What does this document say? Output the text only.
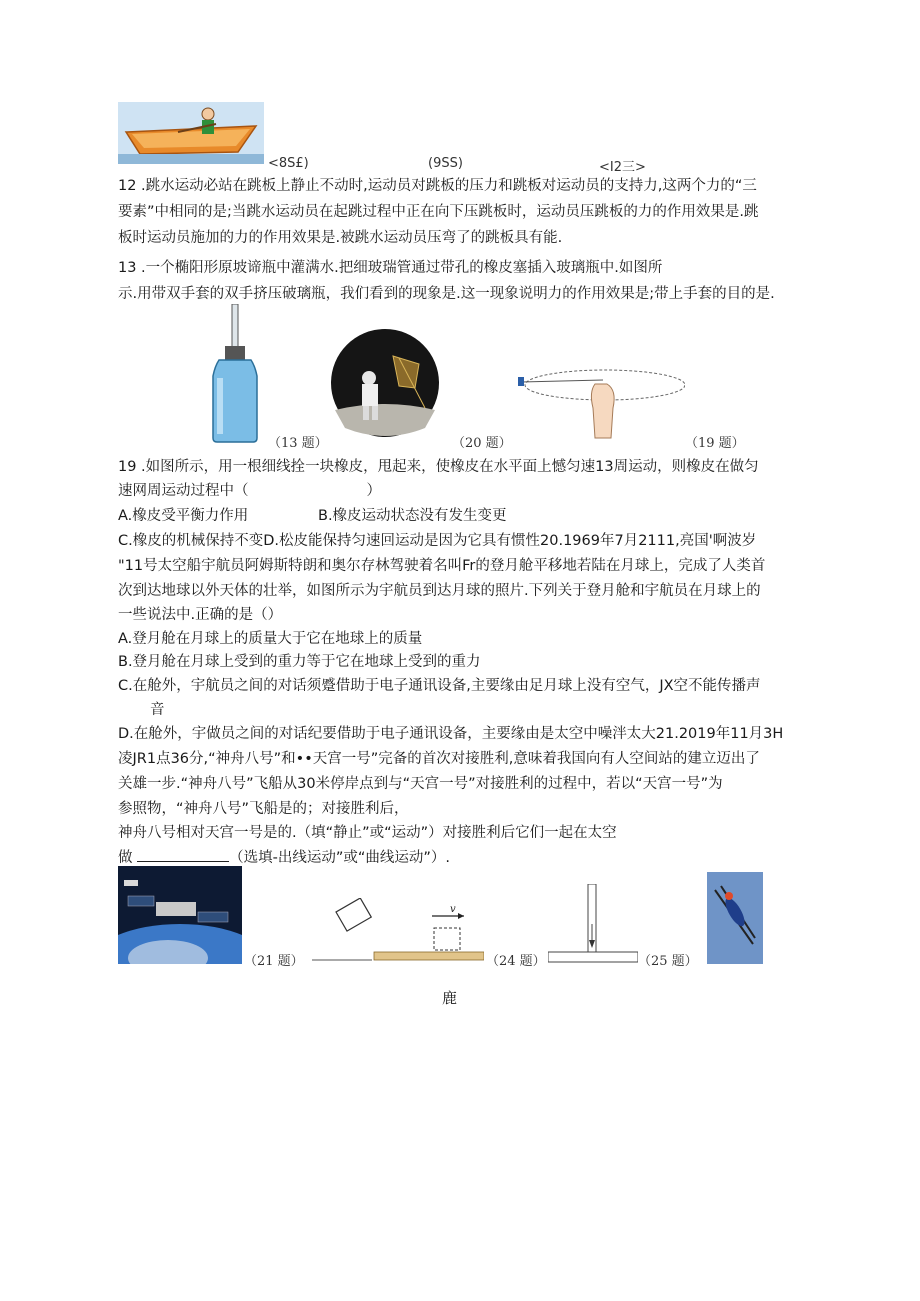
<8S£)	(9SS)	<I2三>
12 .跳水运动必站在跳板上静止不动时,运动员对跳板的压力和跳板对运动员的支持力,这两个力的“三
要素”中相同的是;当跳水运动员在起跳过程中正在向下压跳板时，运动员压跳板的力的作用效果是.跳
板时运动员施加的力的作用效果是.被跳水运动员压弯了的跳板具有能.
13 .一个椭阳形原坡谛瓶中灌满水.把细玻瑞管通过带孔的橡皮塞插入玻璃瓶中.如图所
示.用带双手套的双手挤压破璃瓶，我们看到的现象是.这一现象说明力的作用效果是;带上手套的目的是.
（13 题）	（20 题）	（19 题）
19 .如图所示，用一根细线拴一块橡皮，甩起来，使橡皮在水平面上憾匀速13周运动，则橡皮在做匀
速网周运动过程中（	）
A.橡皮受平衡力作用	B.橡皮运动状态没有发生变更
C.橡皮的机械保持不变D.松皮能保持匀速回运动是因为它具有惯性20.1969年7月2111,亮国'啊波岁
"11号太空船宇航员阿姆斯特朗和奥尔存林驾驶着名叫Fr的登月舱平移地若陆在月球上，完成了人类首
次到达地球以外天体的壮举，如图所示为宇航员到达月球的照片.下列关于登月舱和宇航员在月球上的
一些说法中.正确的是（）
A.登月舱在月球上的质量大于它在地球上的质量
B.登月舱在月球上受到的重力等于它在地球上受到的重力
C.在舱外，宇航员之间的对话须蹙借助于电子通讯设备,主要缘由足月球上没有空气，JX空不能传播声
音
D.在舱外，宇做员之间的对话纪要借助于电子通讯设备，主要缘由是太空中噪泮太大21.2019年11月3H
凌JR1点36分,“神舟八号”和••天宫一号”完备的首次对接胜利,意味着我国向有人空间站的建立迈出了
关雄一步.“神舟八号”飞船从30米停岸点到与“天宫一号”对接胜利的过程中，若以“天宫一号”为
参照物，“神舟八号”飞船是的；对接胜利后，
神舟八号相对天宫一号是的.（填“静止”或“运动”）对接胜利后它们一起在太空
做	（选填-出线运动”或“曲线运动”）.
（21 题）
v
（24 题）	（25 题）
鹿
